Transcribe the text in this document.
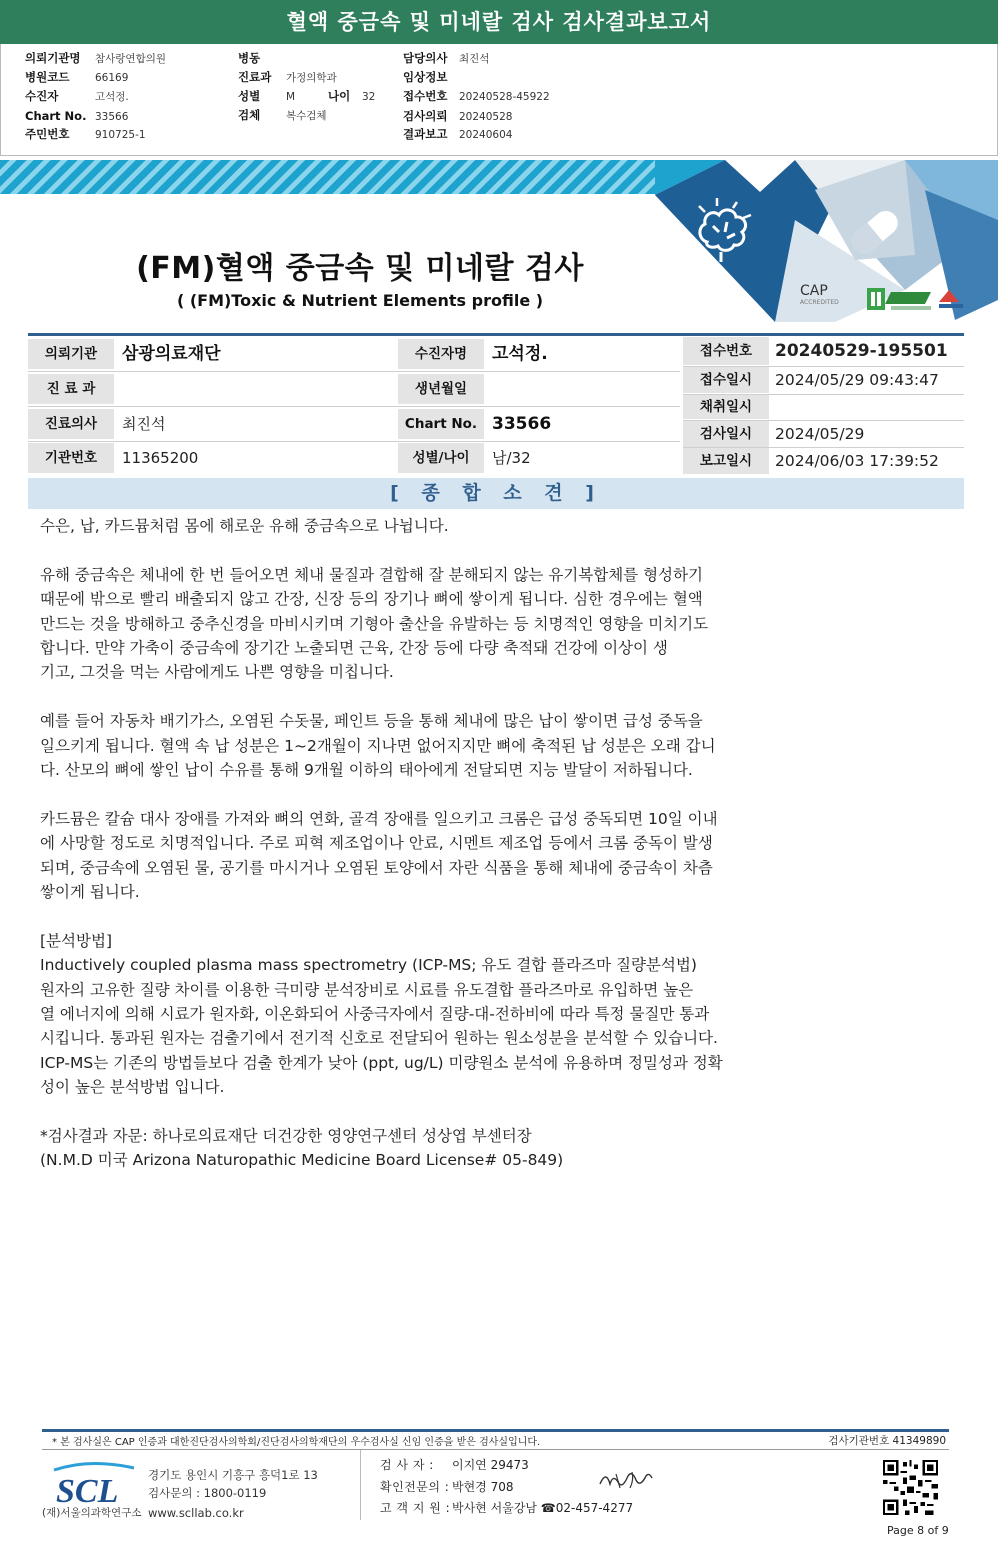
혈액 중금속 및 미네랄 검사 검사결과보고서
의뢰기관명 참사랑연합의원
병원코드 66169
수진자	고석정.
Chart No. 33566
주민번호 910725-1
병동
진료과 가정의학과
성별 M	나이 32
검체 복수검체
담당의사 최진석
임상정보
접수번호 20240528-45922
검사의뢰 20240528
결과보고 20240604
CAP
ACCREDITED
(FM)혈액 중금속 및 미네랄 검사
( (FM)Toxic & Nutrient Elements profile )
의뢰기관	삼광의료재단	수진자명	고석정.
진 료 과	생년월일
진료의사	최진석	Chart No. 33566
기관번호	11365200	성별/나이	남/32
접수번호	20240529-195501
접수일시	2024/05/29 09:43:47
채취일시
검사일시	2024/05/29
보고일시	2024/06/03 17:39:52
[ 종 합 소 견 ]

수은, 납, 카드뮴처럼 몸에 해로운 유해 중금속으로 나뉩니다.

유해 중금속은 체내에 한 번 들어오면 체내 물질과 결합해 잘 분해되지 않는 유기복합체를 형성하기
때문에 밖으로 빨리 배출되지 않고 간장, 신장 등의 장기나 뼈에 쌓이게 됩니다. 심한 경우에는 혈액
만드는 것을 방해하고 중추신경을 마비시키며 기형아 출산을 유발하는 등 치명적인 영향을 미치기도
합니다. 만약 가축이 중금속에 장기간 노출되면 근육, 간장 등에 다량 축적돼 건강에 이상이 생
기고, 그것을 먹는 사람에게도 나쁜 영향을 미칩니다.

예를 들어 자동차 배기가스, 오염된 수돗물, 페인트 등을 통해 체내에 많은 납이 쌓이면 급성 중독을
일으키게 됩니다. 혈액 속 납 성분은 1~2개월이 지나면 없어지지만 뼈에 축적된 납 성분은 오래 갑니
다. 산모의 뼈에 쌓인 납이 수유를 통해 9개월 이하의 태아에게 전달되면 지능 발달이 저하됩니다.

카드뮴은 칼슘 대사 장애를 가져와 뼈의 연화, 골격 장애를 일으키고 크롬은 급성 중독되면 10일 이내
에 사망할 정도로 치명적입니다. 주로 피혁 제조업이나 안료, 시멘트 제조업 등에서 크롬 중독이 발생
되며, 중금속에 오염된 물, 공기를 마시거나 오염된 토양에서 자란 식품을 통해 체내에 중금속이 차츰
쌓이게 됩니다.

[분석방법]
Inductively coupled plasma mass spectrometry (ICP-MS; 유도 결합 플라즈마 질량분석법)
원자의 고유한 질량 차이를 이용한 극미량 분석장비로 시료를 유도결합 플라즈마로 유입하면 높은
열 에너지에 의해 시료가 원자화, 이온화되어 사중극자에서 질량-대-전하비에 따라 특정 물질만 통과
시킵니다. 통과된 원자는 검출기에서 전기적 신호로 전달되어 원하는 원소성분을 분석할 수 있습니다.
ICP-MS는 기존의 방법들보다 검출 한계가 낮아 (ppt, ug/L) 미량원소 분석에 유용하며 정밀성과 정확
성이 높은 분석방법 입니다.

*검사결과 자문: 하나로의료재단 더건강한 영양연구센터 성상엽 부센터장
(N.M.D 미국 Arizona Naturopathic Medicine Board License# 05-849)

* 본 검사실은 CAP 인증과 대한진단검사의학회/진단검사의학재단의 우수검사실 신임 인증을 받은 검사실입니다.	검사기관번호 41349890
SCL
(재)서울의과학연구소
경기도 용인시 기흥구 흥덕1로 13
검사문의 : 1800-0119
www.scllab.co.kr
검 사 자 : 이지연 29473
확인전문의 : 박현경 708
고 객 지 원 : 박사현 서울강남 ☎02-457-4277
Page 8 of 9
